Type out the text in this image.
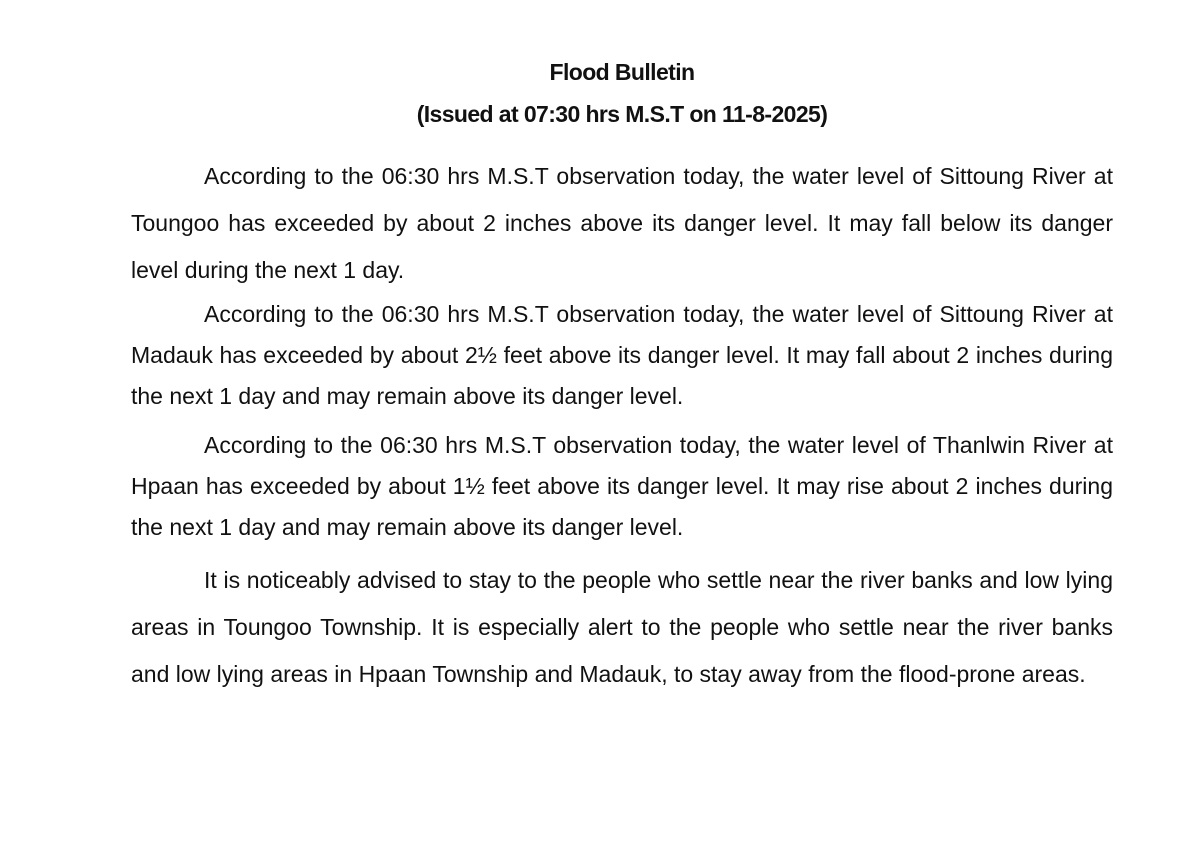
Flood Bulletin
(Issued at 07:30 hrs M.S.T on 11-8-2025)

According to the 06:30 hrs M.S.T observation today, the water level of Sittoung River at Toungoo has exceeded by about 2 inches above its danger level. It may fall below its danger level during the next 1 day.

According to the 06:30 hrs M.S.T observation today, the water level of Sittoung River at Madauk has exceeded by about 2½ feet above its danger level. It may fall about 2 inches during the next 1 day and may remain above its danger level.

According to the 06:30 hrs M.S.T observation today, the water level of Thanlwin River at Hpaan has exceeded by about 1½ feet above its danger level. It may rise about 2 inches during the next 1 day and may remain above its danger level.

It is noticeably advised to stay to the people who settle near the river banks and low lying areas in Toungoo Township. It is especially alert to the people who settle near the river banks and low lying areas in Hpaan Township and Madauk, to stay away from the flood-prone areas.
